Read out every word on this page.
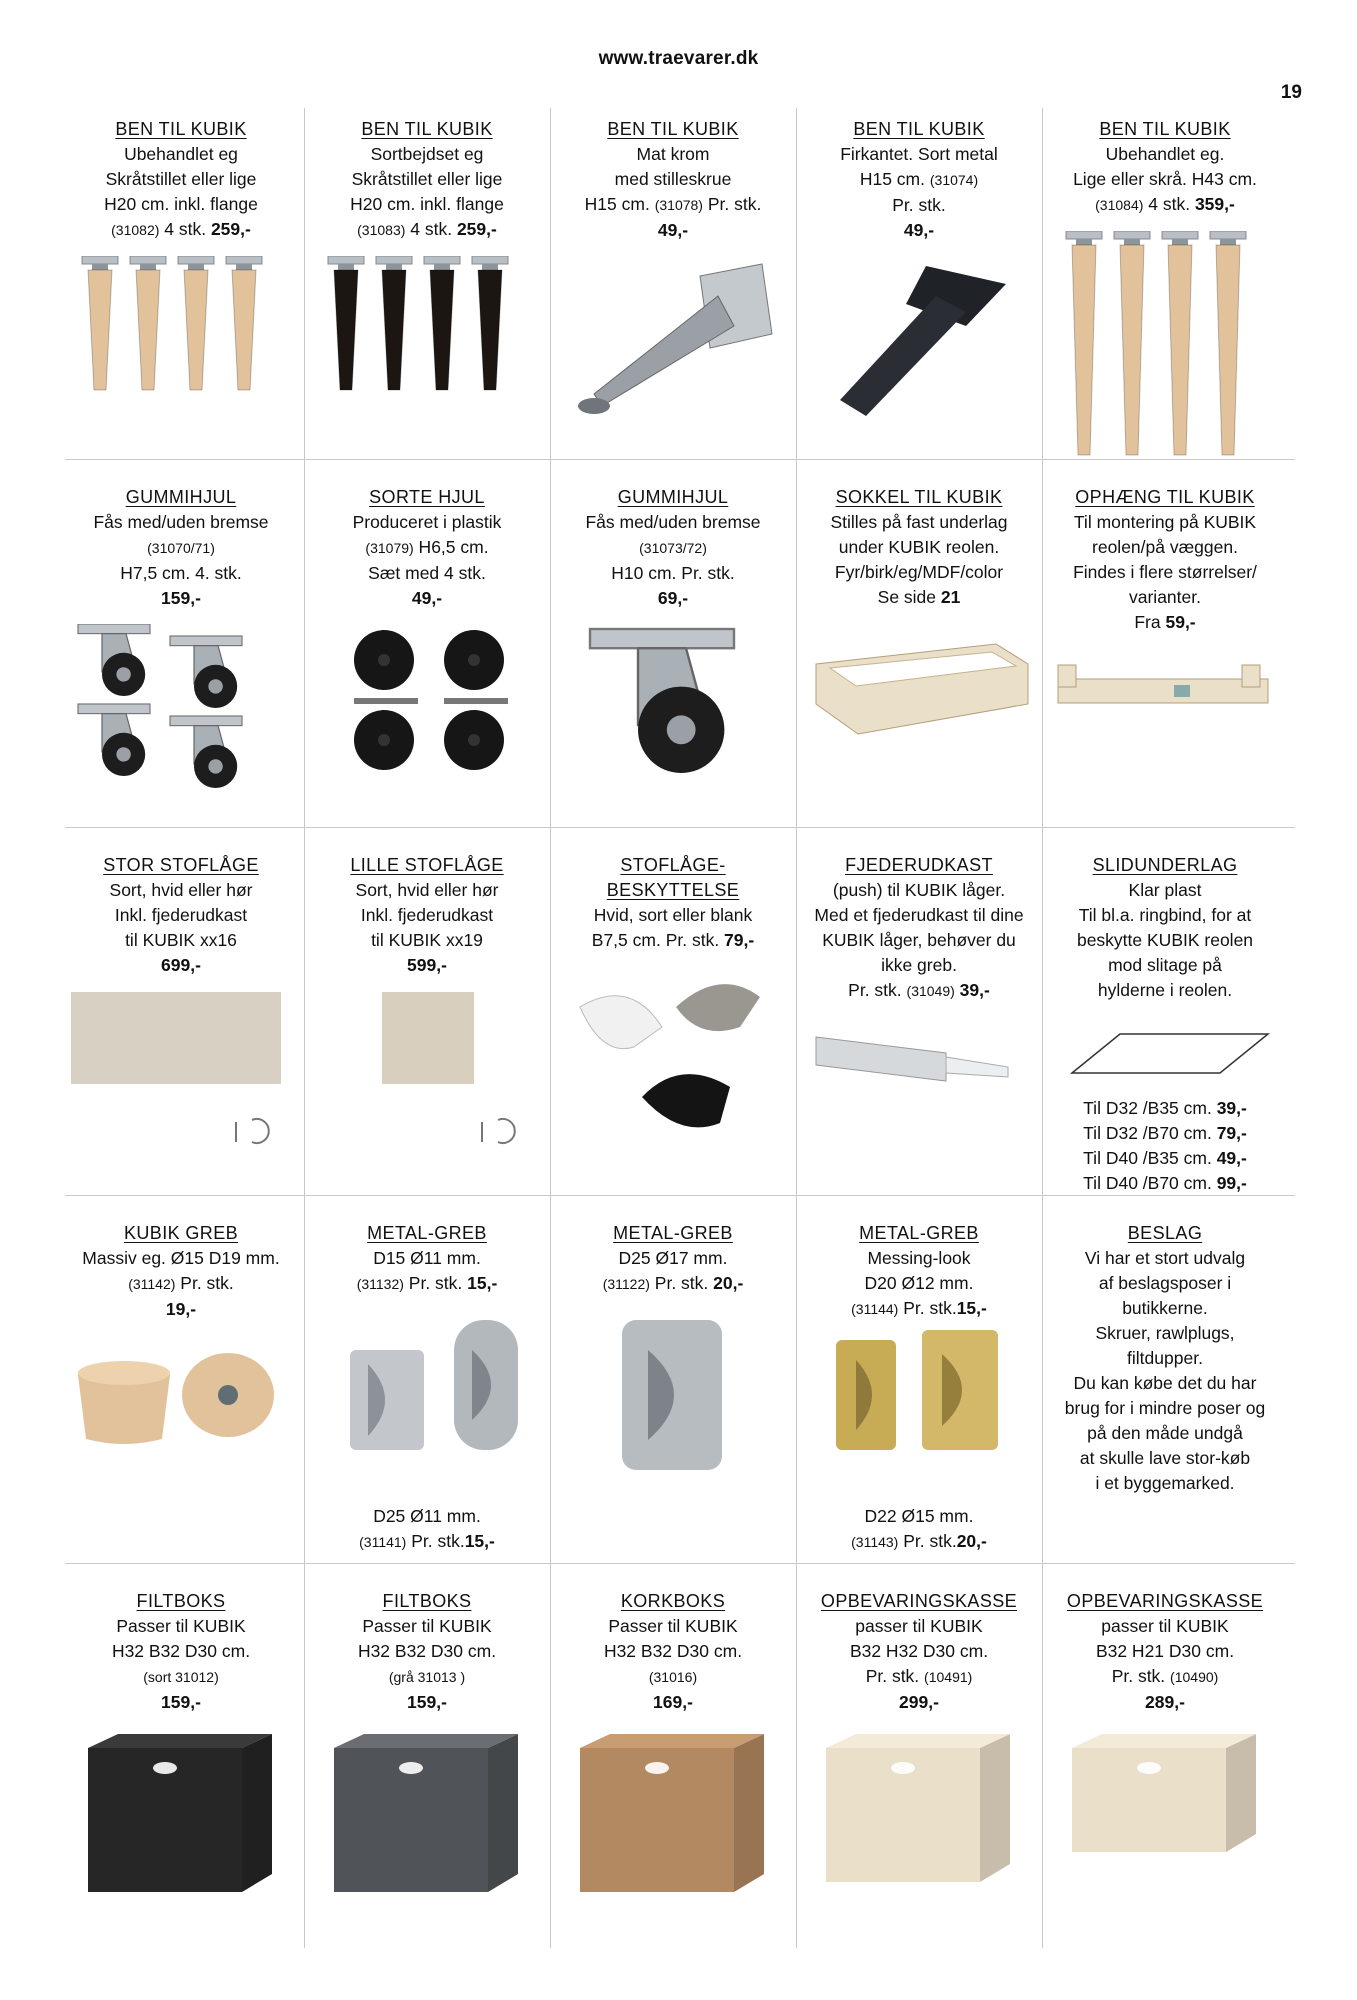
www.traevarer.dk
19
BEN TIL KUBIK
Ubehandlet eg
Skråtstillet eller lige
H20 cm. inkl. flange
(31082) 4 stk. 259,-
BEN TIL KUBIK
Sortbejdset eg
Skråtstillet eller lige
H20 cm. inkl. flange
(31083) 4 stk. 259,-
BEN TIL KUBIK
Mat krom
med stilleskrue
H15 cm. (31078) Pr. stk.
49,-
BEN TIL KUBIK
Firkantet. Sort metal
H15 cm. (31074)
Pr. stk.
49,-
BEN TIL KUBIK
Ubehandlet eg.
Lige eller skrå. H43 cm.
(31084) 4 stk. 359,-
GUMMIHJUL
Fås med/uden bremse
(31070/71)
H7,5 cm. 4. stk.
159,-
SORTE HJUL
Produceret i plastik
(31079) H6,5 cm.
Sæt med 4 stk.
49,-
GUMMIHJUL
Fås med/uden bremse
(31073/72)
H10 cm. Pr. stk.
69,-
SOKKEL TIL KUBIK
Stilles på fast underlag
under KUBIK reolen.
Fyr/birk/eg/MDF/color
Se side 21
OPHÆNG TIL KUBIK
Til montering på KUBIK
reolen/på væggen.
Findes i flere størrelser/
varianter.
Fra 59,-
STOR STOFLÅGE
Sort, hvid eller hør
Inkl. fjederudkast
til KUBIK xx16
699,-
LILLE STOFLÅGE
Sort, hvid eller hør
Inkl. fjederudkast
til KUBIK xx19
599,-
STOFLÅGE-
BESKYTTELSE
Hvid, sort eller blank
B7,5 cm. Pr. stk. 79,-
FJEDERUDKAST
(push) til KUBIK låger.
Med et fjederudkast til dine
KUBIK låger, behøver du
ikke greb.
Pr. stk. (31049) 39,-
SLIDUNDERLAG
Klar plast
Til bl.a. ringbind, for at
beskytte KUBIK reolen
mod slitage på
hylderne i reolen.
Til D32 /B35 cm. 39,-
Til D32 /B70 cm. 79,-
Til D40 /B35 cm. 49,-
Til D40 /B70 cm. 99,-
KUBIK GREB
Massiv eg. Ø15 D19 mm.
(31142) Pr. stk.
19,-
METAL-GREB
D15 Ø11 mm.
(31132) Pr. stk. 15,-
D25 Ø11 mm.
(31141) Pr. stk.15,-
METAL-GREB
D25 Ø17 mm.
(31122) Pr. stk. 20,-
METAL-GREB
Messing-look
D20 Ø12 mm.
(31144) Pr. stk.15,-
D22 Ø15 mm.
(31143) Pr. stk.20,-
BESLAG
Vi har et stort udvalg
af beslagsposer i
butikkerne.
Skruer, rawlplugs,
filtdupper.
Du kan købe det du har
brug for i mindre poser og
på den måde undgå
at skulle lave stor-køb
i et byggemarked.
FILTBOKS
Passer til KUBIK
H32 B32 D30 cm.
(sort 31012)
159,-
FILTBOKS
Passer til KUBIK
H32 B32 D30 cm.
(grå 31013 )
159,-
KORKBOKS
Passer til KUBIK
H32 B32 D30 cm.
(31016)
169,-
OPBEVARINGSKASSE
passer til KUBIK
B32 H32 D30 cm.
Pr. stk. (10491)
299,-
OPBEVARINGSKASSE
passer til KUBIK
B32 H21 D30 cm.
Pr. stk. (10490)
289,-
